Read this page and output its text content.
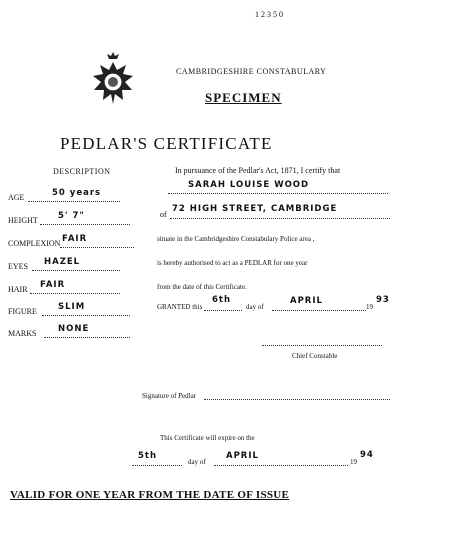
12350
CAMBRIDGESHIRE CONSTABULARY
SPECIMEN
PEDLAR'S CERTIFICATE
DESCRIPTION
AGE	50 years
HEIGHT 5' 7"
COMPLEXION FAIR
EYES HAZEL
HAIR FAIR
FIGURE SLIM
MARKS	NONE
In pursuance of the Pedlar's Act, 1871, I certify that
SARAH LOUISE WOOD
of
72 HIGH STREET, CAMBRIDGE
situate in the Cambridgeshire Constabulary Police area ,
is hereby authorised to act as a PEDLAR for one year
from the date of this Certificate.
GRANTED this
6th
day of
APRIL
19
93
Chief Constable
Signature of Pedlar
This Certificate will expire on the
5th
day of
APRIL
19
94
VALID FOR ONE YEAR FROM THE DATE OF ISSUE
